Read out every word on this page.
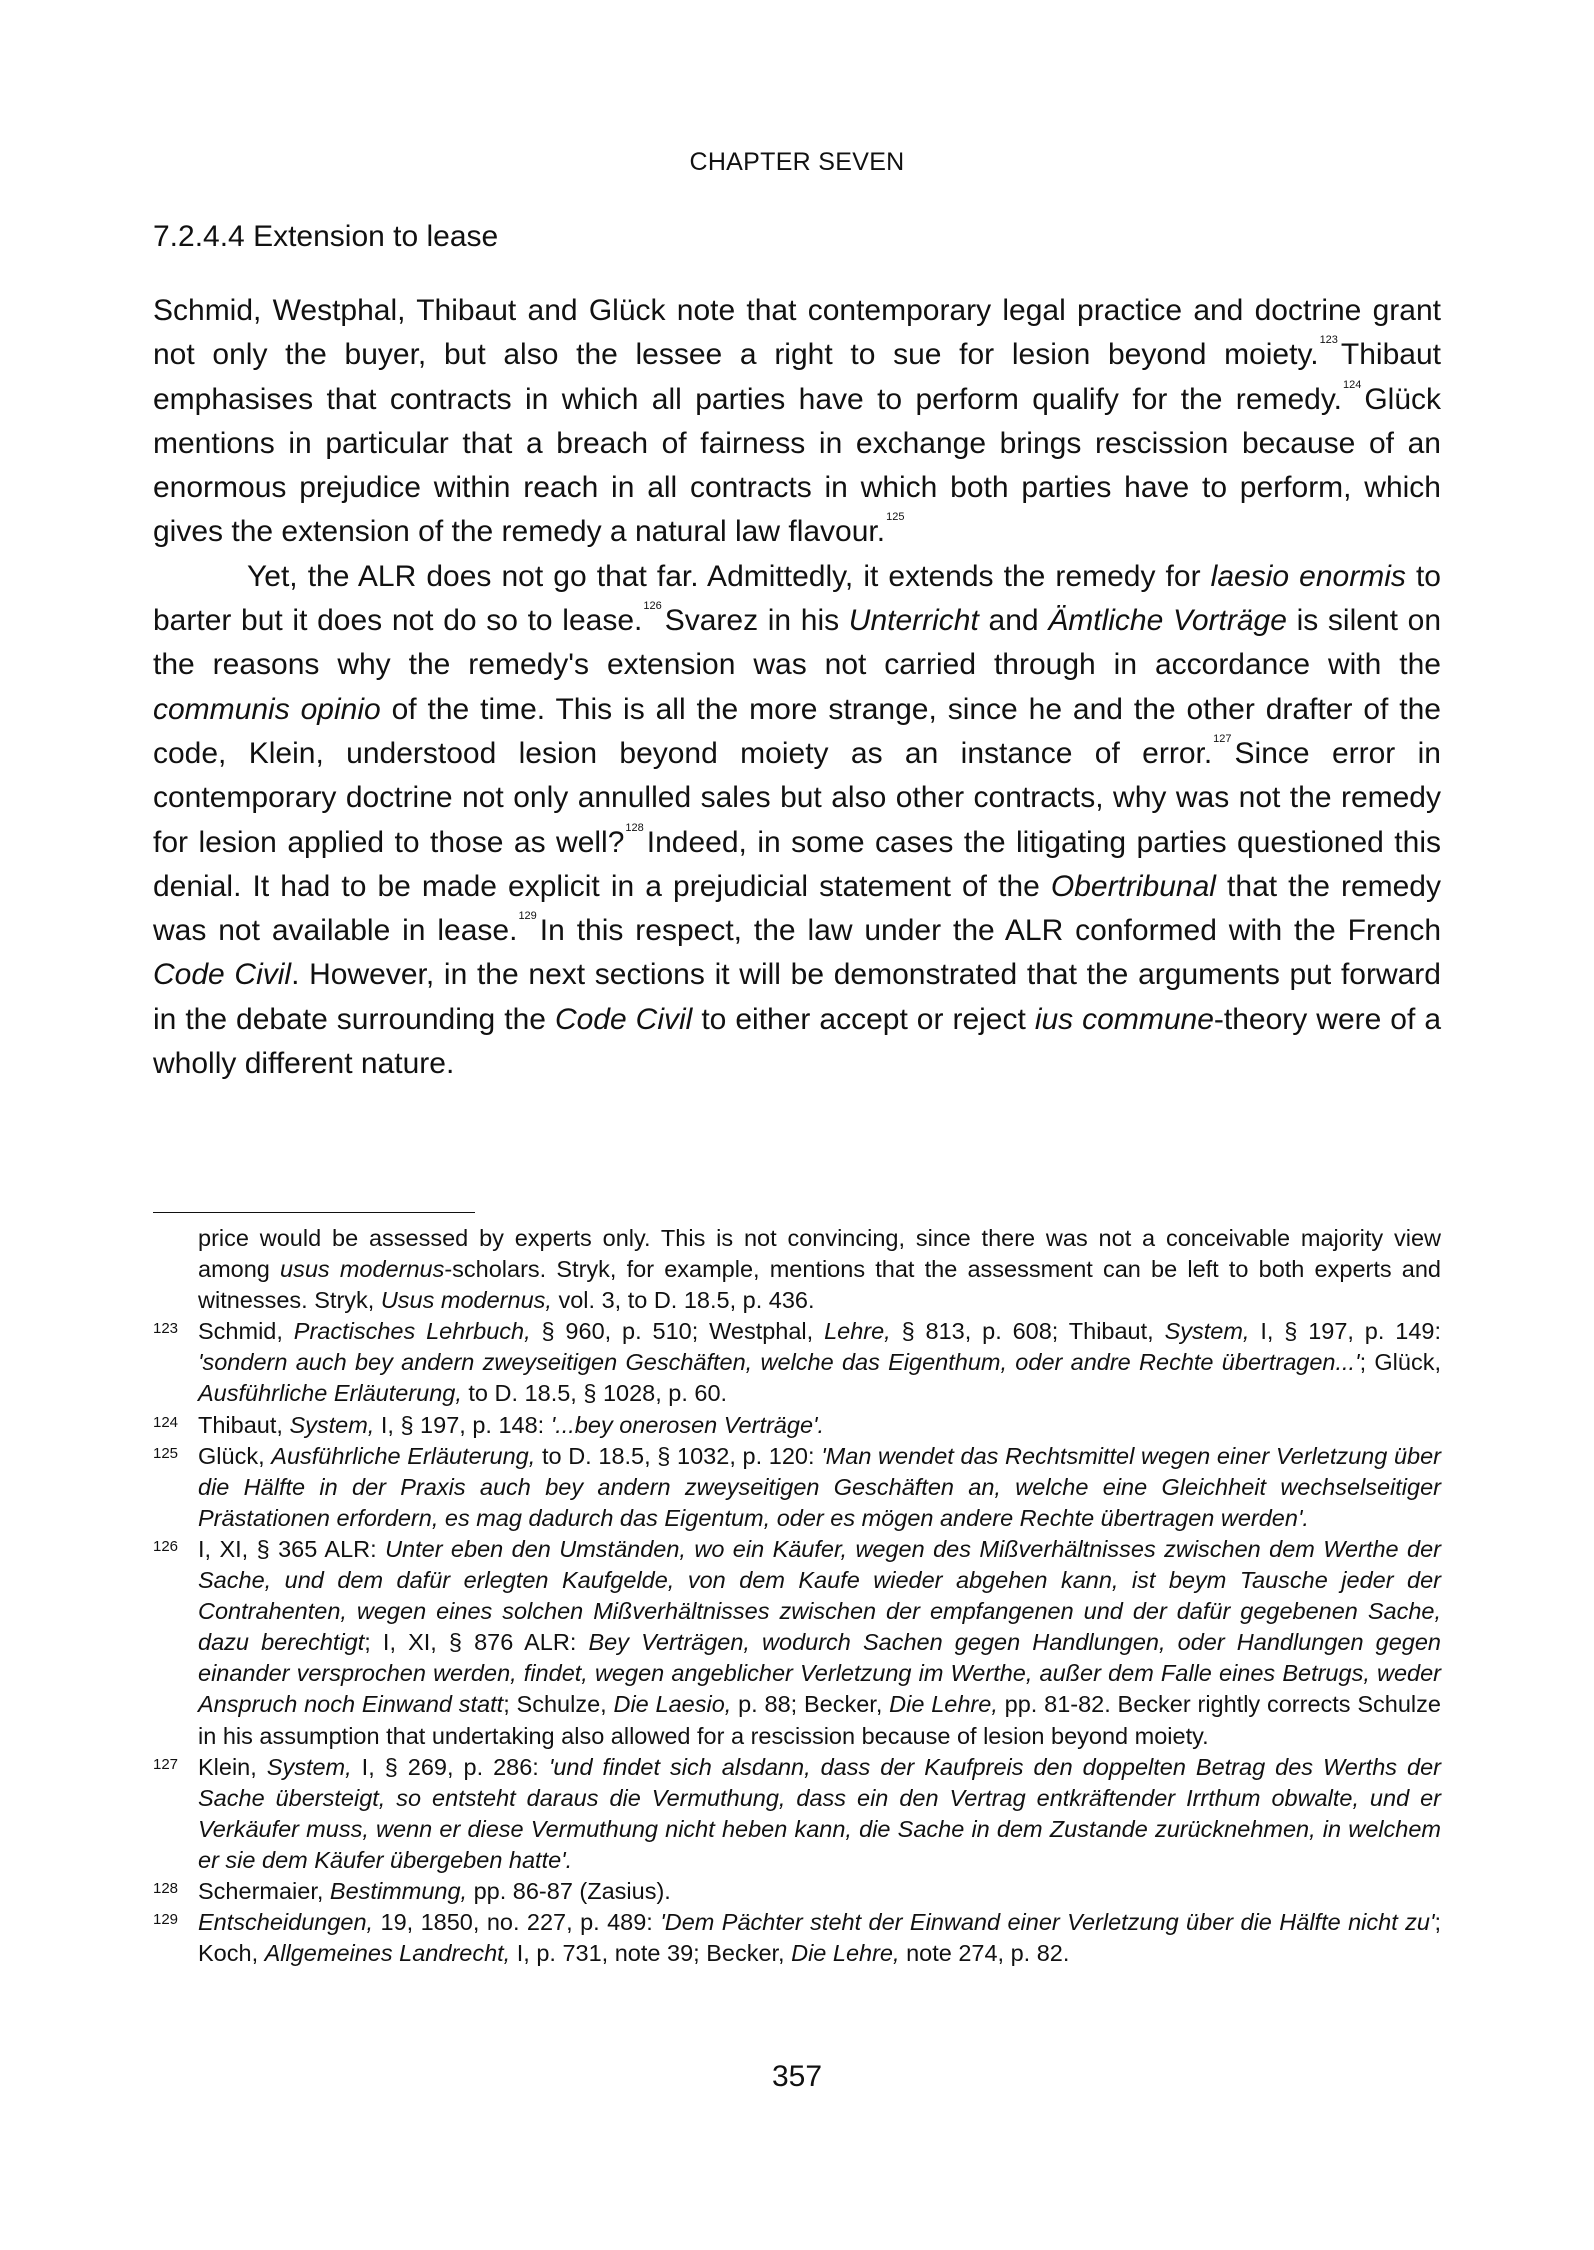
CHAPTER SEVEN
7.2.4.4 Extension to lease

Schmid, Westphal, Thibaut and Glück note that contemporary legal practice and doctrine grant not only the buyer, but also the lessee a right to sue for lesion beyond moiety.$^{123}$ Thibaut emphasises that contracts in which all parties have to perform qualify for the remedy.$^{124}$ Glück mentions in particular that a breach of fairness in exchange brings rescission because of an enormous prejudice within reach in all contracts in which both parties have to perform, which gives the extension of the remedy a natural law flavour.$^{125}$

Yet, the ALR does not go that far. Admittedly, it extends the remedy for laesio enormis to barter but it does not do so to lease.$^{126}$ Svarez in his Unterricht and Ämtliche Vorträge is silent on the reasons why the remedy's extension was not carried through in accordance with the communis opinio of the time. This is all the more strange, since he and the other drafter of the code, Klein, understood lesion beyond moiety as an instance of error.$^{127}$ Since error in contemporary doctrine not only annulled sales but also other contracts, why was not the remedy for lesion applied to those as well?$^{128}$ Indeed, in some cases the litigating parties questioned this denial. It had to be made explicit in a prejudicial statement of the Obertribunal that the remedy was not available in lease.$^{129}$ In this respect, the law under the ALR conformed with the French Code Civil. However, in the next sections it will be demonstrated that the arguments put forward in the debate surrounding the Code Civil to either accept or reject ius commune-theory were of a wholly different nature.

price would be assessed by experts only. This is not convincing, since there was not a conceivable majority view among usus modernus-scholars. Stryk, for example, mentions that the assessment can be left to both experts and witnesses. Stryk, Usus modernus, vol. 3, to D. 18.5, p. 436.

123 Schmid, Practisches Lehrbuch, § 960, p. 510; Westphal, Lehre, § 813, p. 608; Thibaut, System, I, § 197, p. 149: 'sondern auch bey andern zweyseitigen Geschäften, welche das Eigenthum, oder andre Rechte übertragen...'; Glück, Ausführliche Erläuterung, to D. 18.5, § 1028, p. 60.

124 Thibaut, System, I, § 197, p. 148: '...bey onerosen Verträge'.

125 Glück, Ausführliche Erläuterung, to D. 18.5, § 1032, p. 120: 'Man wendet das Rechtsmittel wegen einer Verletzung über die Hälfte in der Praxis auch bey andern zweyseitigen Geschäften an, welche eine Gleichheit wechselseitiger Prästationen erfordern, es mag dadurch das Eigentum, oder es mögen andere Rechte übertragen werden'.

126 I, XI, § 365 ALR: Unter eben den Umständen, wo ein Käufer, wegen des Mißverhältnisses zwischen dem Werthe der Sache, und dem dafür erlegten Kaufgelde, von dem Kaufe wieder abgehen kann, ist beym Tausche jeder der Contrahenten, wegen eines solchen Mißverhältnisses zwischen der empfangenen und der dafür gegebenen Sache, dazu berechtigt; I, XI, § 876 ALR: Bey Verträgen, wodurch Sachen gegen Handlungen, oder Handlungen gegen einander versprochen werden, findet, wegen angeblicher Verletzung im Werthe, außer dem Falle eines Betrugs, weder Anspruch noch Einwand statt; Schulze, Die Laesio, p. 88; Becker, Die Lehre, pp. 81-82. Becker rightly corrects Schulze in his assumption that undertaking also allowed for a rescission because of lesion beyond moiety.

127 Klein, System, I, § 269, p. 286: 'und findet sich alsdann, dass der Kaufpreis den doppelten Betrag des Werths der Sache übersteigt, so entsteht daraus die Vermuthung, dass ein den Vertrag entkräftender Irrthum obwalte, und er Verkäufer muss, wenn er diese Vermuthung nicht heben kann, die Sache in dem Zustande zurücknehmen, in welchem er sie dem Käufer übergeben hatte'.

128 Schermaier, Bestimmung, pp. 86-87 (Zasius).

129 Entscheidungen, 19, 1850, no. 227, p. 489: 'Dem Pächter steht der Einwand einer Verletzung über die Hälfte nicht zu'; Koch, Allgemeines Landrecht, I, p. 731, note 39; Becker, Die Lehre, note 274, p. 82.

357
